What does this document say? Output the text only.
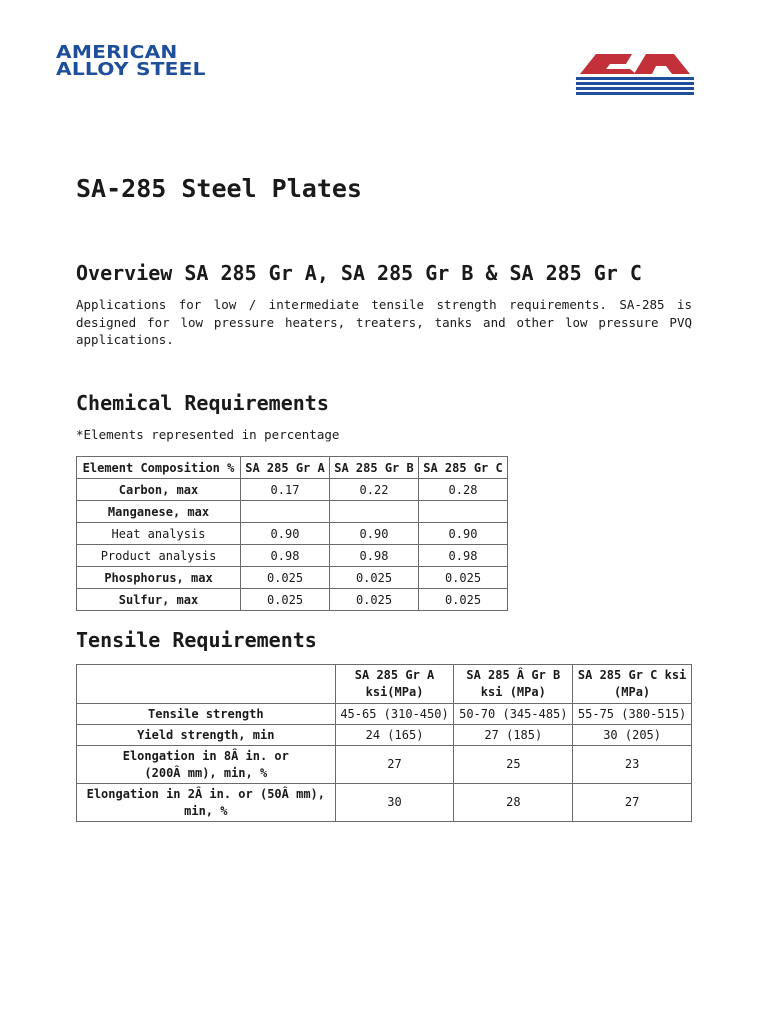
AMERICAN
ALLOY STEEL
SA-285 Steel Plates
Overview SA 285 Gr A, SA 285 Gr B & SA 285 Gr C

Applications for low / intermediate tensile strength requirements. SA-285 is designed for low pressure heaters, treaters, tanks and other low pressure PVQ applications.

Chemical Requirements

*Elements represented in percentage

Element Composition %	SA 285 Gr A	SA 285 Gr B	SA 285 Gr C
Carbon, max	0.17	0.22	0.28
Manganese, max			
Heat analysis	0.90	0.90	0.90
Product analysis	0.98	0.98	0.98
Phosphorus, max	0.025	0.025	0.025
Sulfur, max	0.025	0.025	0.025
Tensile Requirements
	SA 285 Gr A ksi(MPa)	SA 285 Â Gr B ksi (MPa)	SA 285 Gr C ksi (MPa)
Tensile strength	45-65 (310-450)	50-70 (345-485)	55-75 (380-515)
Yield strength, min	24 (165)	27 (185)	30 (205)
Elongation in 8Â in. or (200Â mm), min, %	27	25	23
Elongation in 2Â in. or (50Â mm), min, %	30	28	27
